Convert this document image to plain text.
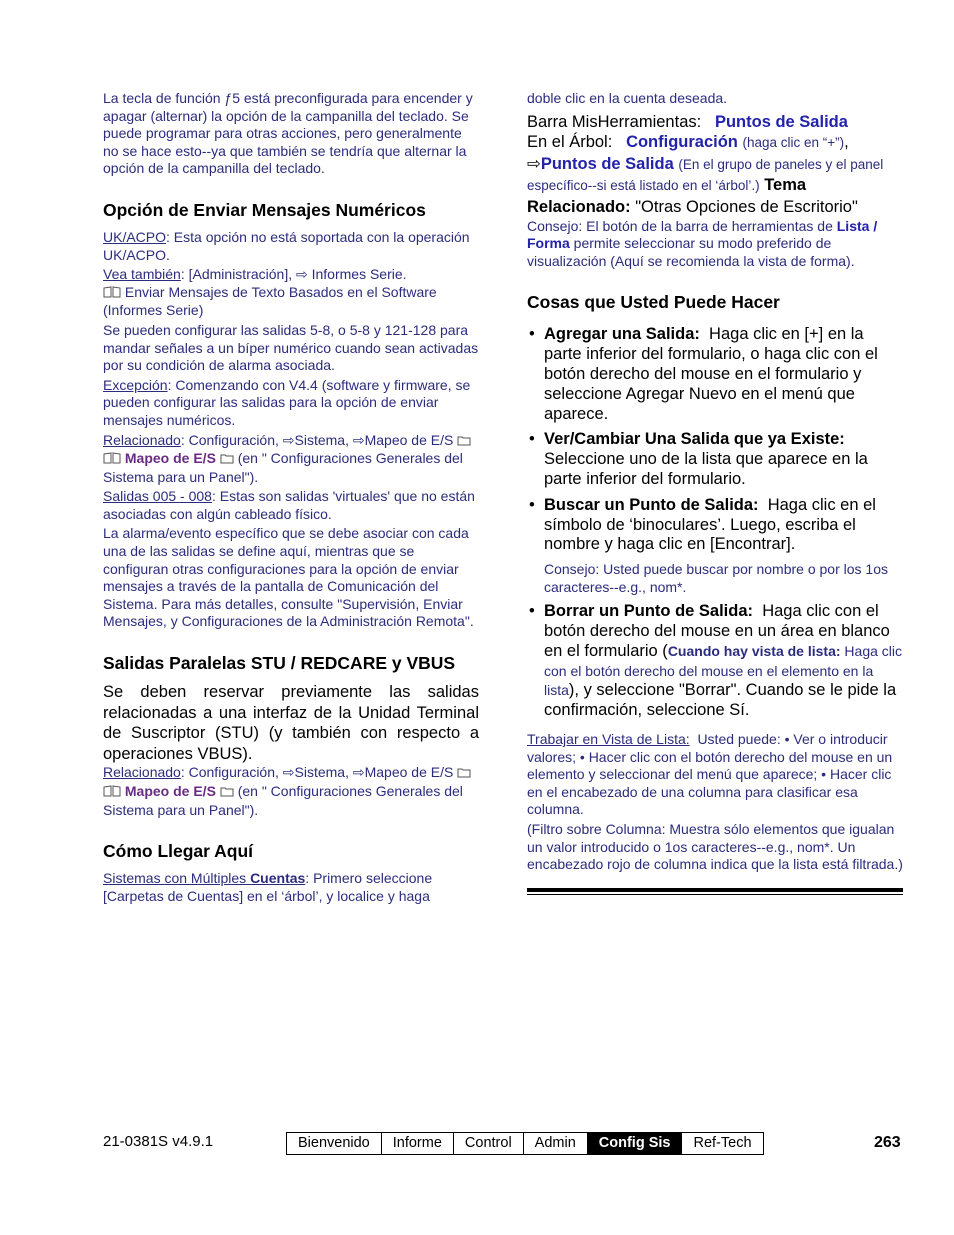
La tecla de función ƒ5 está preconfigurada para encender y apagar (alternar) la opción de la campanilla del teclado. Se puede programar para otras acciones, pero generalmente no se hace esto--ya que también se tendría que alternar la opción de la campanilla del teclado.

Opción de Enviar Mensajes Numéricos

UK/ACPO: Esta opción no está soportada con la operación UK/ACPO.

Vea también: [Administración], ⇨ Informes Serie.
Enviar Mensajes de Texto Basados en el Software (Informes Serie)

Se pueden configurar las salidas 5-8, o 5-8 y 121-128 para mandar señales a un bíper numérico cuando sean activadas por su condición de alarma asociada.

Excepción: Comenzando con V4.4 (software y firmware, se pueden configurar las salidas para la opción de enviar mensajes numéricos.

Relacionado: Configuración, ⇨Sistema, ⇨Mapeo de E/S
Mapeo de E/S  (en " Configuraciones Generales del Sistema para un Panel").

Salidas 005 - 008: Estas son salidas 'virtuales' que no están asociadas con algún cableado físico.

La alarma/evento específico que se debe asociar con cada una de las salidas se define aquí, mientras que se configuran otras configuraciones para la opción de enviar mensajes a través de la pantalla de Comunicación del Sistema. Para más detalles, consulte "Supervisión, Enviar Mensajes, y Configuraciones de la Administración Remota".

Salidas Paralelas STU / REDCARE y VBUS

Se deben reservar previamente las salidas relacionadas a una interfaz de la Unidad Terminal de Suscriptor (STU) (y también con respecto a operaciones VBUS).

Relacionado: Configuración, ⇨Sistema, ⇨Mapeo de E/S
Mapeo de E/S  (en " Configuraciones Generales del Sistema para un Panel").

Cómo Llegar Aquí

Sistemas con Múltiples Cuentas: Primero seleccione [Carpetas de Cuentas] en el ‘árbol’, y localice y haga

doble clic en la cuenta deseada.

Barra MisHerramientas:   Puntos de Salida

En el Árbol:   Configuración (haga clic en “+”),
⇨Puntos de Salida (En el grupo de paneles y el panel específico--si está listado en el ‘árbol’.) Tema Relacionado: "Otras Opciones de Escritorio"

Consejo: El botón de la barra de herramientas de Lista / Forma permite seleccionar su modo preferido de visualización (Aquí se recomienda la vista de forma).

Cosas que Usted Puede Hacer
• Agregar una Salida: Haga clic en [+] en la parte inferior del formulario, o haga clic con el botón derecho del mouse en el formulario y seleccione Agregar Nuevo en el menú que aparece.
• Ver/Cambiar Una Salida que ya Existe: Seleccione uno de la lista que aparece en la parte inferior del formulario.
• Buscar un Punto de Salida: Haga clic en el símbolo de ‘binoculares’. Luego, escriba el nombre y haga clic en [Encontrar].

Consejo: Usted puede buscar por nombre o por los 1os caracteres--e.g., nom*.

• Borrar un Punto de Salida: Haga clic con el botón derecho del mouse en un área en blanco en el formulario (Cuando hay vista de lista: Haga clic con el botón derecho del mouse en el elemento en la lista), y seleccione "Borrar". Cuando se le pide la confirmación, seleccione Sí.

Trabajar en Vista de Lista: Usted puede: • Ver o introducir valores; • Hacer clic con el botón derecho del mouse en un elemento y seleccionar del menú que aparece; • Hacer clic en el encabezado de una columna para clasificar esa columna.

(Filtro sobre Columna: Muestra sólo elementos que igualan un valor introducido o 1os caracteres--e.g., nom*. Un encabezado rojo de columna indica que la lista está filtrada.)

21-0381S v4.9.1	Bienvenido	Informe	Control	Admin	Config Sis	Ref-Tech	263
